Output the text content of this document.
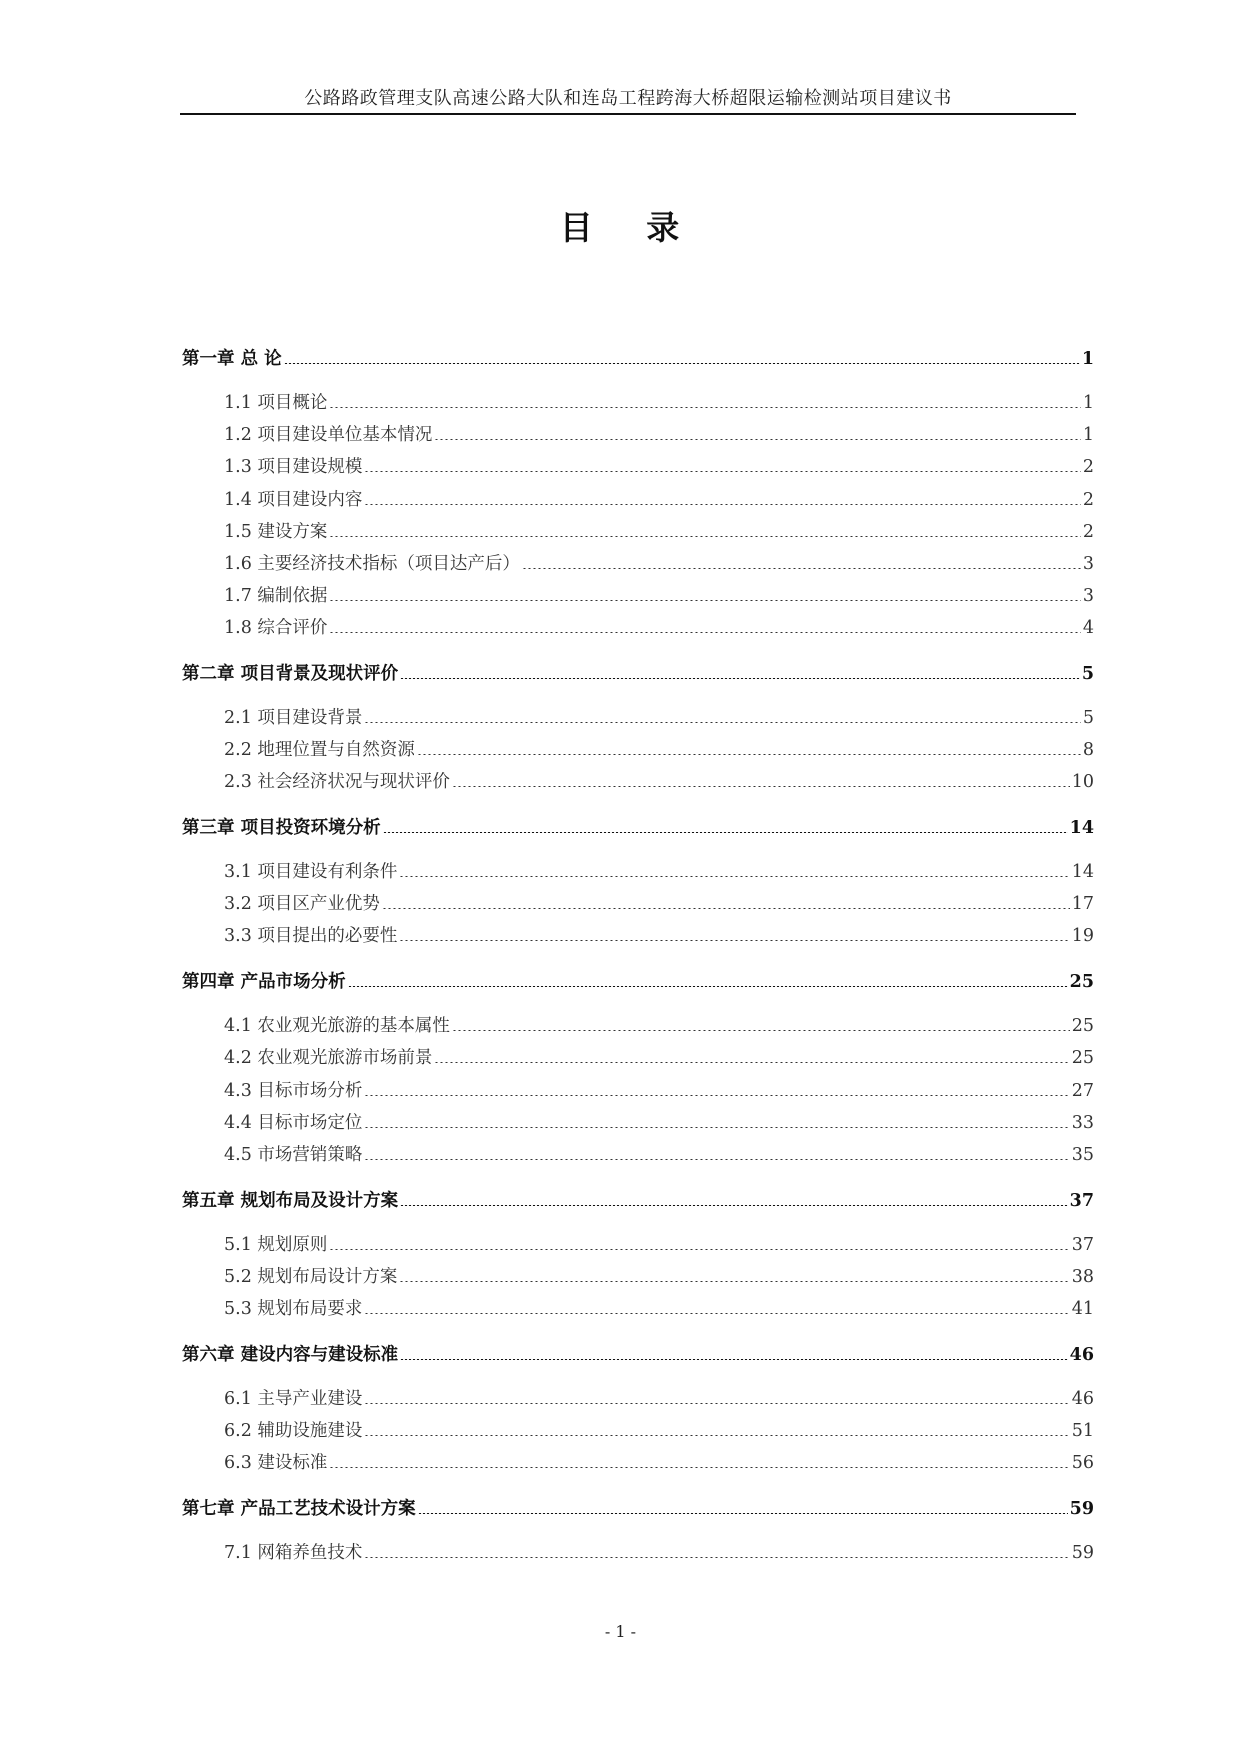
公路路政管理支队高速公路大队和连岛工程跨海大桥超限运输检测站项目建议书
目 录
第一章 总 论	1
1.1 项目概论	1
1.2 项目建设单位基本情况	1
1.3 项目建设规模	2
1.4 项目建设内容	2
1.5 建设方案	2
1.6 主要经济技术指标（项目达产后）	3
1.7 编制依据	3
1.8 综合评价	4
第二章 项目背景及现状评价	5
2.1 项目建设背景	5
2.2 地理位置与自然资源	8
2.3 社会经济状况与现状评价	10
第三章 项目投资环境分析	14
3.1 项目建设有利条件	14
3.2 项目区产业优势	17
3.3 项目提出的必要性	19
第四章 产品市场分析	25
4.1 农业观光旅游的基本属性	25
4.2 农业观光旅游市场前景	25
4.3 目标市场分析	27
4.4 目标市场定位	33
4.5 市场营销策略	35
第五章 规划布局及设计方案	37
5.1 规划原则	37
5.2 规划布局设计方案	38
5.3 规划布局要求	41
第六章 建设内容与建设标准	46
6.1 主导产业建设	46
6.2 辅助设施建设	51
6.3 建设标准	56
第七章 产品工艺技术设计方案	59
7.1 网箱养鱼技术	59
- 1 -
